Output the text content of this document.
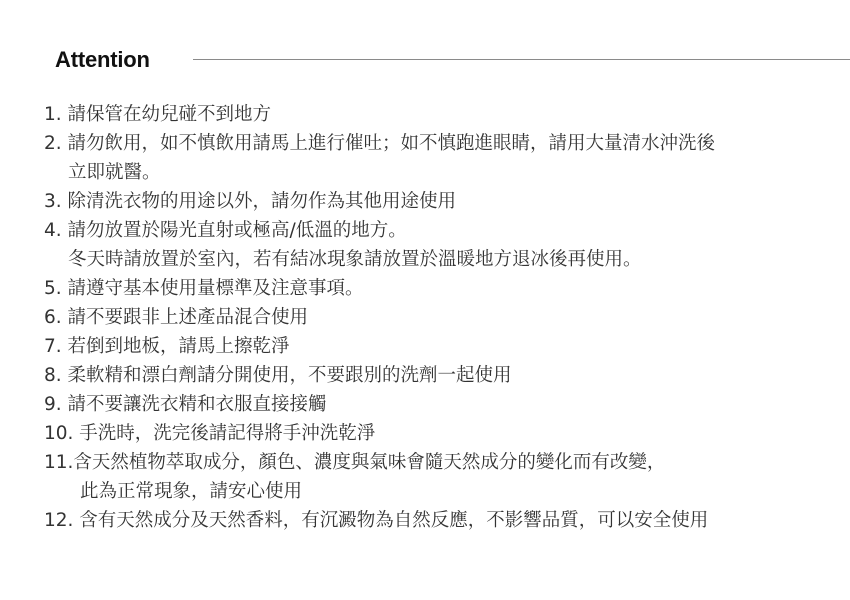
Attention
1. 請保管在幼兒碰不到地方
2. 請勿飲用，如不慎飲用請馬上進行催吐；如不慎跑進眼睛，請用大量清水沖洗後
立即就醫。
3. 除清洗衣物的用途以外，請勿作為其他用途使用
4. 請勿放置於陽光直射或極高/低溫的地方。
冬天時請放置於室內，若有結冰現象請放置於溫暖地方退冰後再使用。
5. 請遵守基本使用量標準及注意事項。
6. 請不要跟非上述產品混合使用
7. 若倒到地板，請馬上擦乾淨
8. 柔軟精和漂白劑請分開使用，不要跟別的洗劑一起使用
9. 請不要讓洗衣精和衣服直接接觸
10. 手洗時，洗完後請記得將手沖洗乾淨
11.含天然植物萃取成分，顏色、濃度與氣味會隨天然成分的變化而有改變，
此為正常現象，請安心使用
12. 含有天然成分及天然香料，有沉澱物為自然反應，不影響品質，可以安全使用
